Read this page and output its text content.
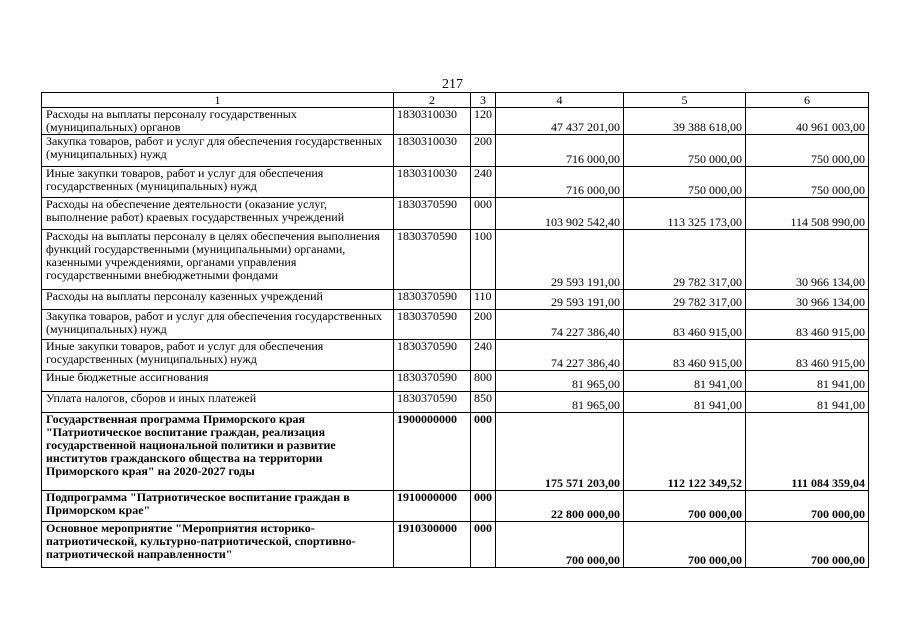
217
1	2	3	4	5	6
Расходы на выплаты персоналу государственных (муниципальных) органов	1830310030	120	47 437 201,00	39 388 618,00	40 961 003,00
Закупка товаров, работ и услуг для обеспечения государственных (муниципальных) нужд	1830310030	200	716 000,00	750 000,00	750 000,00
Иные закупки товаров, работ и услуг для обеспечения государственных (муниципальных) нужд	1830310030	240	716 000,00	750 000,00	750 000,00
Расходы на обеспечение деятельности (оказание услуг, выполнение работ) краевых государственных учреждений	1830370590	000	103 902 542,40	113 325 173,00	114 508 990,00
Расходы на выплаты персоналу в целях обеспечения выполнения функций государственными (муниципальными) органами, казенными учреждениями, органами управления государственными внебюджетными фондами	1830370590	100	29 593 191,00	29 782 317,00	30 966 134,00
Расходы на выплаты персоналу казенных учреждений	1830370590	110	29 593 191,00	29 782 317,00	30 966 134,00
Закупка товаров, работ и услуг для обеспечения государственных (муниципальных) нужд	1830370590	200	74 227 386,40	83 460 915,00	83 460 915,00
Иные закупки товаров, работ и услуг для обеспечения государственных (муниципальных) нужд	1830370590	240	74 227 386,40	83 460 915,00	83 460 915,00
Иные бюджетные ассигнования	1830370590	800	81 965,00	81 941,00	81 941,00
Уплата налогов, сборов и иных платежей	1830370590	850	81 965,00	81 941,00	81 941,00
Государственная программа Приморского края "Патриотическое воспитание граждан, реализация государственной национальной политики и развитие институтов гражданского общества на территории Приморского края" на 2020-2027 годы	1900000000	000	175 571 203,00	112 122 349,52	111 084 359,04
Подпрограмма "Патриотическое воспитание граждан в Приморском крае"	1910000000	000	22 800 000,00	700 000,00	700 000,00
Основное мероприятие "Мероприятия историко-патриотической, культурно-патриотической, спортивно-патриотической направленности"	1910300000	000	700 000,00	700 000,00	700 000,00
